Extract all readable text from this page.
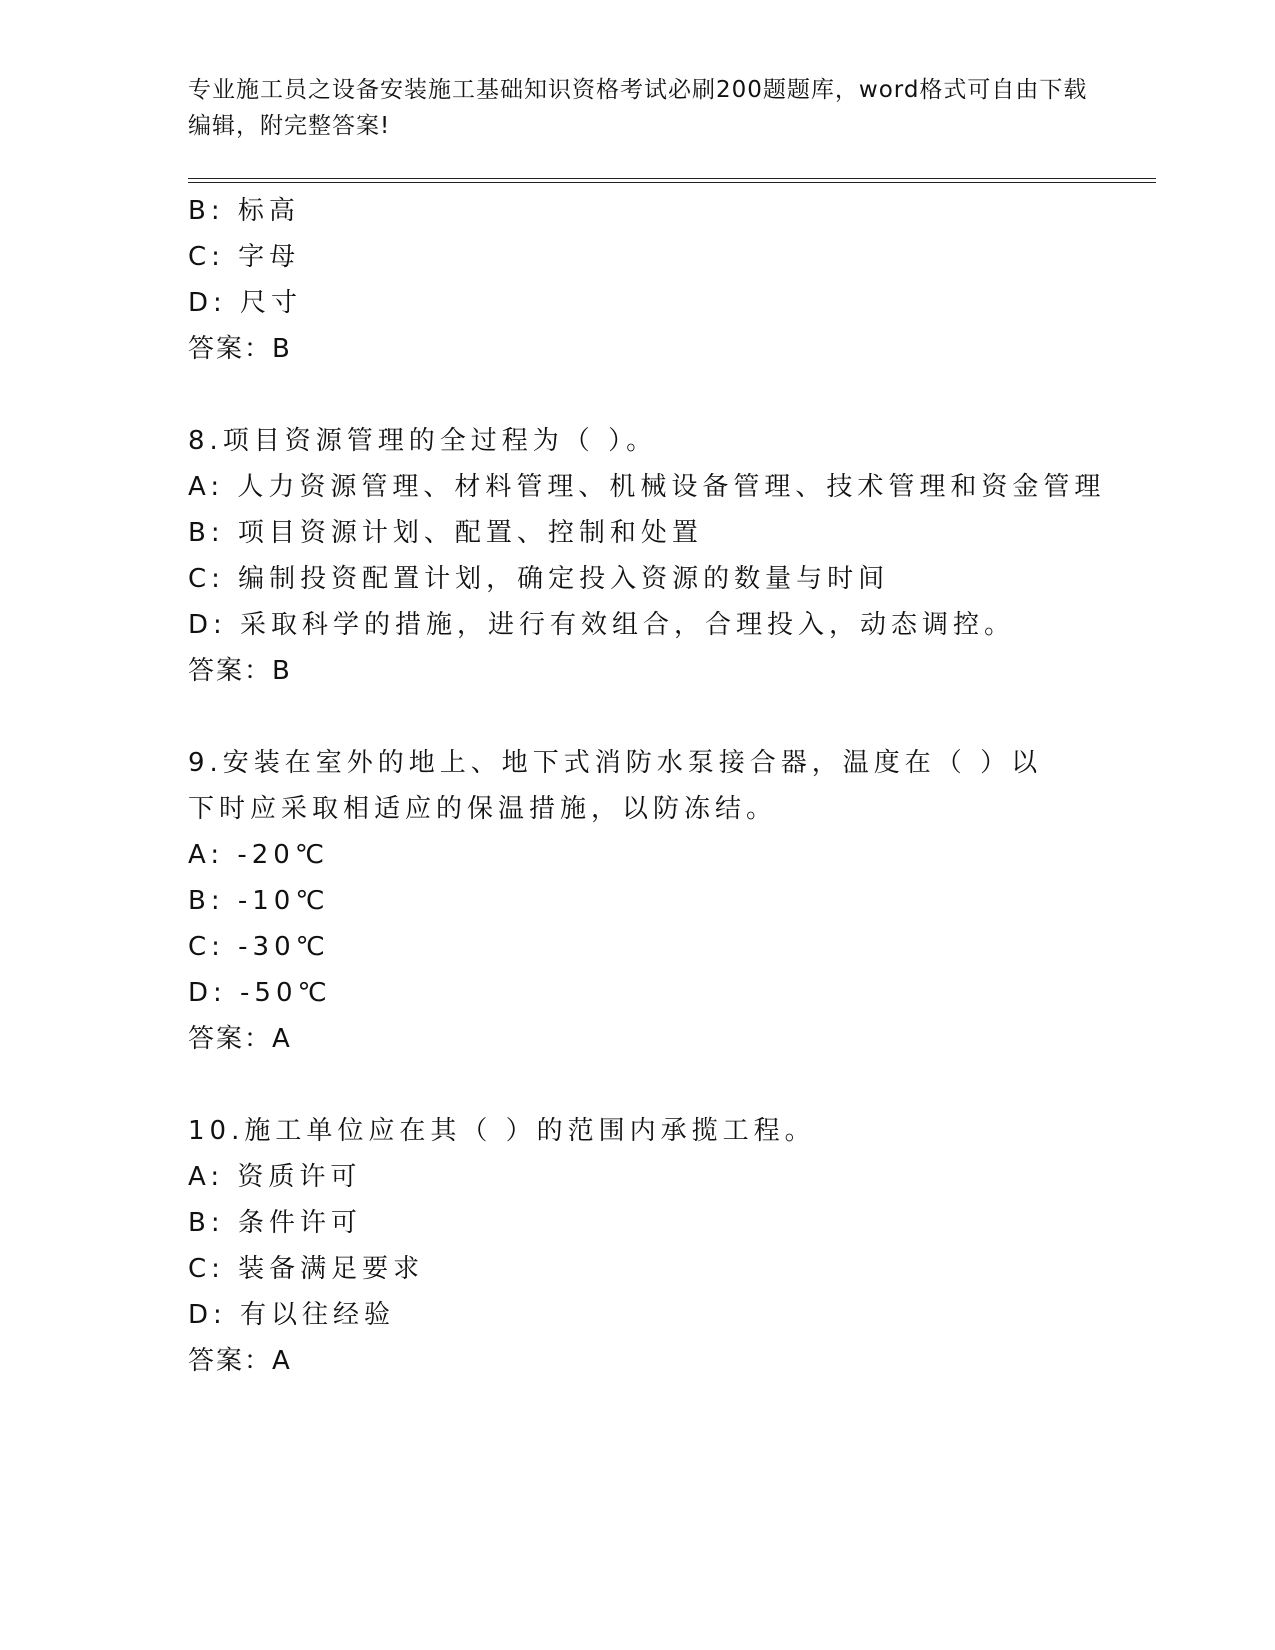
专业施工员之设备安装施工基础知识资格考试必刷200题题库，word格式可自由下载编辑，附完整答案!
B: 标高
C: 字母
D: 尺寸
答案：B
8.项目资源管理的全过程为（ ）。
A: 人力资源管理、材料管理、机械设备管理、技术管理和资金管理
B: 项目资源计划、配置、控制和处置
C: 编制投资配置计划，确定投入资源的数量与时间
D: 采取科学的措施，进行有效组合，合理投入，动态调控。
答案：B
9.安装在室外的地上、地下式消防水泵接合器，温度在（ ）以下时应采取相适应的保温措施，以防冻结。
A: -20℃
B: -10℃
C: -30℃
D: -50℃
答案：A
10.施工单位应在其（ ）的范围内承揽工程。
A: 资质许可
B: 条件许可
C: 装备满足要求
D: 有以往经验
答案：A
